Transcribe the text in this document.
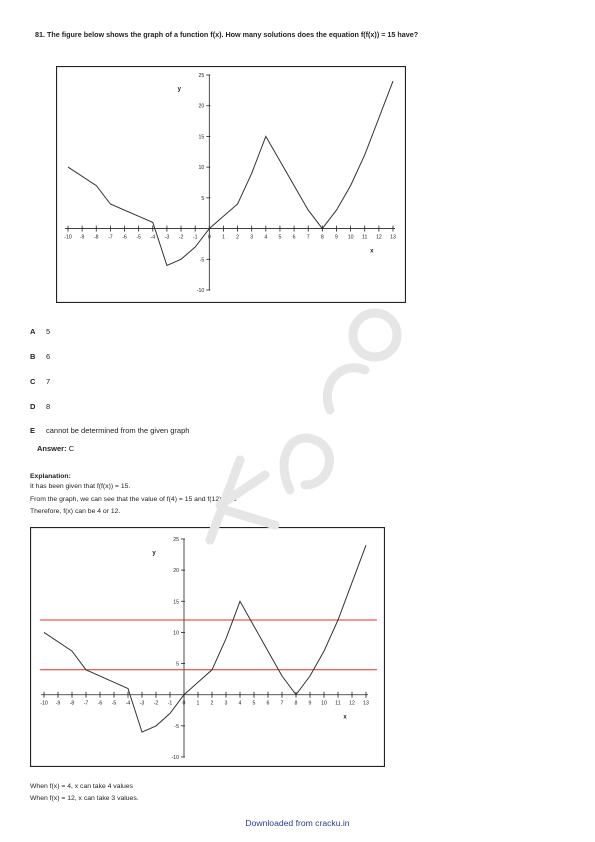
81. The figure below shows the graph of a function f(x). How many solutions does the equation f(f(x)) = 15 have?
-10 -9 -8 -7 -6 -5 -4 -3 -2 -1 0 1 2 3 4 5 6 7 8 9 10 11 12 13
-10
-5
5
10
15
20
25
x
y
A 5
B 6
C 7
D 8
E cannot be determined from the given graph
Answer: C
Explanation:
It has been given that f(f(x)) = 15.
From the graph, we can see that the value of f(4) = 15 and f(12) = 15
Therefore, f(x) can be 4 or 12.
-10 -9 -8 -7 -6 -5 -4 -3 -2 -1 0 1 2 3 4 5 6 7 8 9 10 11 12 13
-10
-5
5
10
15
20
25
x
y
When f(x) = 4, x can take 4 values
When f(x) = 12, x can take 3 values.
Downloaded from cracku.in
